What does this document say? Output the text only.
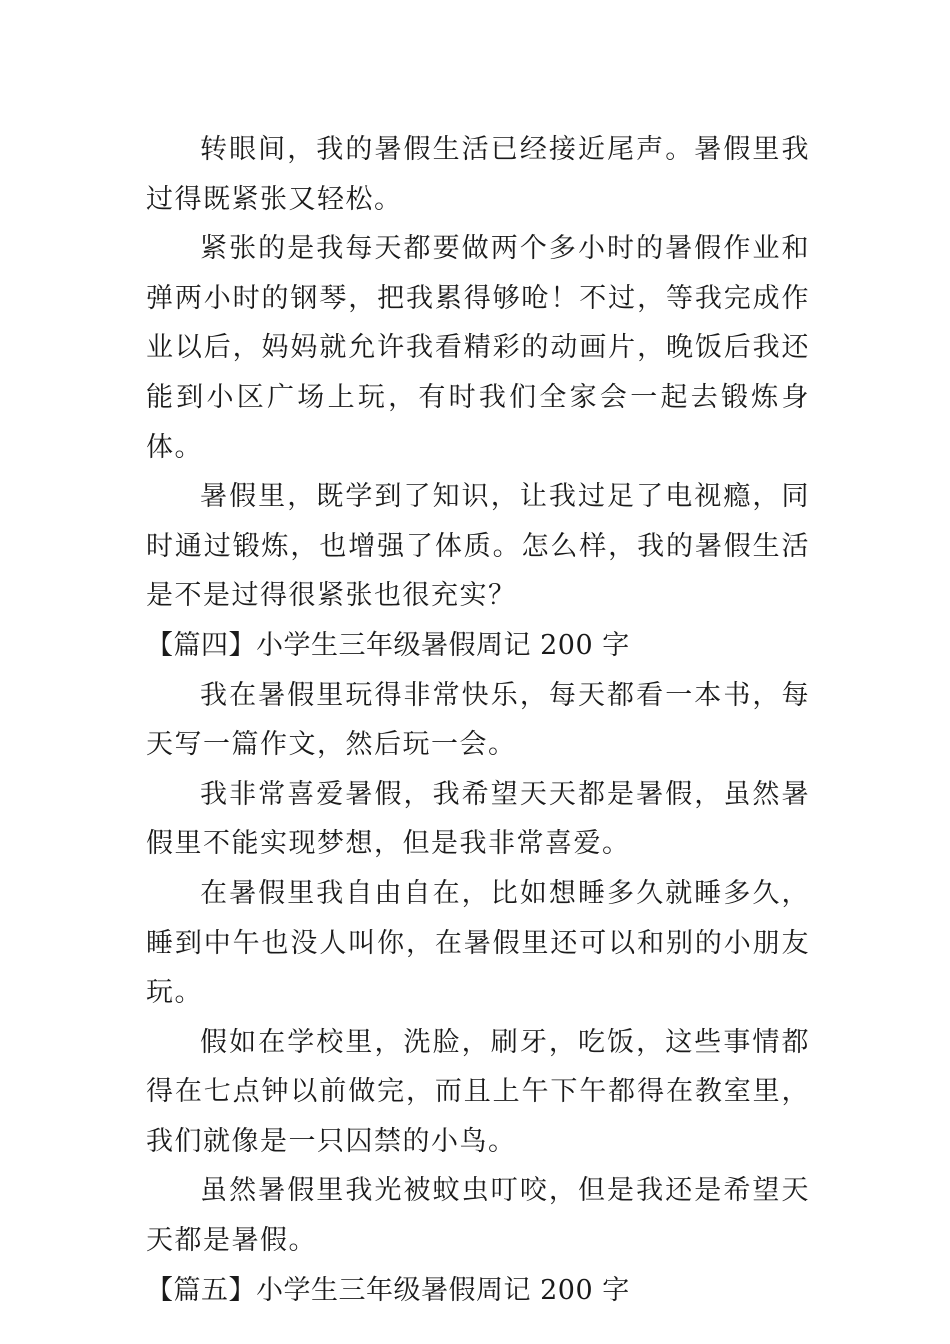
转眼间，我的暑假生活已经接近尾声。暑假里我过得既紧张又轻松。

紧张的是我每天都要做两个多小时的暑假作业和弹两小时的钢琴，把我累得够呛！不过，等我完成作业以后，妈妈就允许我看精彩的动画片，晚饭后我还能到小区广场上玩，有时我们全家会一起去锻炼身体。

暑假里，既学到了知识，让我过足了电视瘾，同时通过锻炼，也增强了体质。怎么样，我的暑假生活是不是过得很紧张也很充实？

【篇四】小学生三年级暑假周记 200 字

我在暑假里玩得非常快乐，每天都看一本书，每天写一篇作文，然后玩一会。

我非常喜爱暑假，我希望天天都是暑假，虽然暑假里不能实现梦想，但是我非常喜爱。

在暑假里我自由自在，比如想睡多久就睡多久，睡到中午也没人叫你，在暑假里还可以和别的小朋友玩。

假如在学校里，洗脸，刷牙，吃饭，这些事情都得在七点钟以前做完，而且上午下午都得在教室里，我们就像是一只囚禁的小鸟。

虽然暑假里我光被蚊虫叮咬，但是我还是希望天天都是暑假。

【篇五】小学生三年级暑假周记 200 字
